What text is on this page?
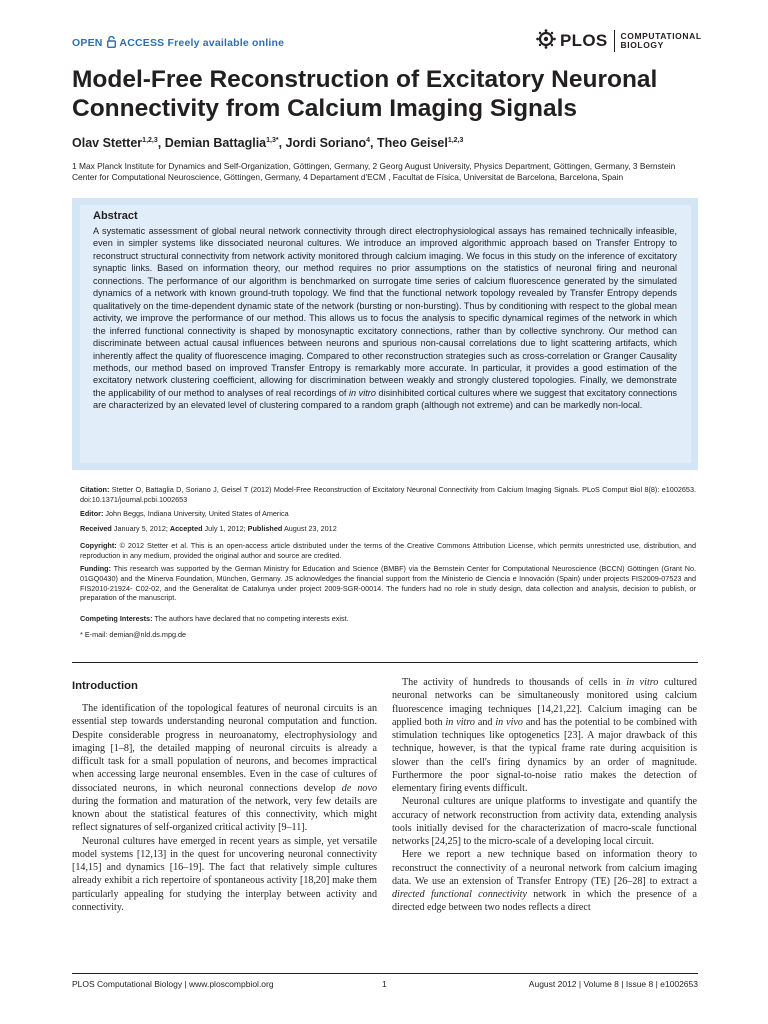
OPEN ACCESS Freely available online	PLOS COMPUTATIONAL
BIOLOGY
Model-Free Reconstruction of Excitatory Neuronal Connectivity from Calcium Imaging Signals
Olav Stetter$^{1,2,3}$, Demian Battaglia$^{1,3*}$, Jordi Soriano$^4$, Theo Geisel$^{1,2,3}$
1 Max Planck Institute for Dynamics and Self-Organization, Göttingen, Germany, 2 Georg August University, Physics Department, Göttingen, Germany, 3 Bernstein Center for Computational Neuroscience, Göttingen, Germany, 4 Departament d'ECM , Facultat de Física, Universitat de Barcelona, Barcelona, Spain
Abstract
A systematic assessment of global neural network connectivity through direct electrophysiological assays has remained technically infeasible, even in simpler systems like dissociated neuronal cultures. We introduce an improved algorithmic approach based on Transfer Entropy to reconstruct structural connectivity from network activity monitored through calcium imaging. We focus in this study on the inference of excitatory synaptic links. Based on information theory, our method requires no prior assumptions on the statistics of neuronal firing and neuronal connections. The performance of our algorithm is benchmarked on surrogate time series of calcium fluorescence generated by the simulated dynamics of a network with known ground-truth topology. We find that the functional network topology revealed by Transfer Entropy depends qualitatively on the time-dependent dynamic state of the network (bursting or non-bursting). Thus by conditioning with respect to the global mean activity, we improve the performance of our method. This allows us to focus the analysis to specific dynamical regimes of the network in which the inferred functional connectivity is shaped by monosynaptic excitatory connections, rather than by collective synchrony. Our method can discriminate between actual causal influences between neurons and spurious non-causal correlations due to light scattering artifacts, which inherently affect the quality of fluorescence imaging. Compared to other reconstruction strategies such as cross-correlation or Granger Causality methods, our method based on improved Transfer Entropy is remarkably more accurate. In particular, it provides a good estimation of the excitatory network clustering coefficient, allowing for discrimination between weakly and strongly clustered topologies. Finally, we demonstrate the applicability of our method to analyses of real recordings of in vitro disinhibited cortical cultures where we suggest that excitatory connections are characterized by an elevated level of clustering compared to a random graph (although not extreme) and can be markedly non-local.
Citation: Stetter O, Battaglia D, Soriano J, Geisel T (2012) Model-Free Reconstruction of Excitatory Neuronal Connectivity from Calcium Imaging Signals. PLoS Comput Biol 8(8): e1002653. doi:10.1371/journal.pcbi.1002653
Editor: John Beggs, Indiana University, United States of America
Received January 5, 2012; Accepted July 1, 2012; Published August 23, 2012
Copyright: © 2012 Stetter et al. This is an open-access article distributed under the terms of the Creative Commons Attribution License, which permits unrestricted use, distribution, and reproduction in any medium, provided the original author and source are credited.
Funding: This research was supported by the German Ministry for Education and Science (BMBF) via the Bernstein Center for Computational Neuroscience (BCCN) Göttingen (Grant No. 01GQ0430) and the Minerva Foundation, München, Germany. JS acknowledges the financial support from the Ministerio de Ciencia e Innovación (Spain) under projects FIS2009-07523 and FIS2010-21924- C02-02, and the Generalitat de Catalunya under project 2009-SGR-00014. The funders had no role in study design, data collection and analysis, decision to publish, or preparation of the manuscript.
Competing Interests: The authors have declared that no competing interests exist.
* E-mail: demian@nld.ds.mpg.de
Introduction

The identification of the topological features of neuronal circuits is an essential step towards understanding neuronal computation and function. Despite considerable progress in neuroanatomy, electrophysiology and imaging [1–8], the detailed mapping of neuronal circuits is already a difficult task for a small population of neurons, and becomes impractical when accessing large neuronal ensembles. Even in the case of cultures of dissociated neurons, in which neuronal connections develop de novo during the formation and maturation of the network, very few details are known about the statistical features of this connectivity, which might reflect signatures of self-organized critical activity [9–11].

Neuronal cultures have emerged in recent years as simple, yet versatile model systems [12,13] in the quest for uncovering neuronal connectivity [14,15] and dynamics [16–19]. The fact that relatively simple cultures already exhibit a rich repertoire of spontaneous activity [18,20] make them particularly appealing for studying the interplay between activity and connectivity.

The activity of hundreds to thousands of cells in in vitro cultured neuronal networks can be simultaneously monitored using calcium fluorescence imaging techniques [14,21,22]. Calcium imaging can be applied both in vitro and in vivo and has the potential to be combined with stimulation techniques like optogenetics [23]. A major drawback of this technique, however, is that the typical frame rate during acquisition is slower than the cell's firing dynamics by an order of magnitude. Furthermore the poor signal-to-noise ratio makes the detection of elementary firing events difficult.

Neuronal cultures are unique platforms to investigate and quantify the accuracy of network reconstruction from activity data, extending analysis tools initially devised for the characterization of macro-scale functional networks [24,25] to the micro-scale of a developing local circuit.

Here we report a new technique based on information theory to reconstruct the connectivity of a neuronal network from calcium imaging data. We use an extension of Transfer Entropy (TE) [26–28] to extract a directed functional connectivity network in which the presence of a directed edge between two nodes reflects a direct

PLOS Computational Biology | www.ploscompbiol.org	1	August 2012 | Volume 8 | Issue 8 | e1002653
